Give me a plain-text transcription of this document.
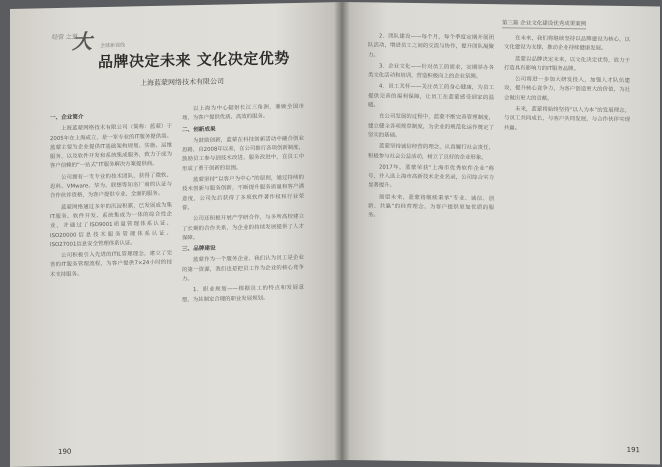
经营 之道
大 全球新视线
品牌决定未来 文化决定优势
上海蓝蒙网络技术有限公司
一、企业简介

上海蓝蒙网络技术有限公司（简称：蓝蒙）于2005年在上海成立，是一家专业的IT服务提供商。蓝蒙主要为企业提供IT基础架构规划、实施、运维服务，以及软件开发和系统集成服务，致力于成为客户信赖的“一站式”IT服务解决方案提供商。

公司拥有一支专业的技术团队，获得了微软、思科、VMware、华为、联想等知名厂商的认证与合作伙伴资格，为客户提供专业、全面的服务。

蓝蒙网络通过多年的沉淀积累，已发展成为集IT服务、软件开发、系统集成为一体的综合性企业，并通过了ISO9001质量管理体系认证、ISO20000信息技术服务管理体系认证、ISO27001信息安全管理体系认证。

公司积极引入先进的ITIL管理理念，建立了完善的IT服务管理流程，为客户提供7×24小时的技术支持服务。

以上海为中心辐射长江三角洲，兼顾全国市场，为客户提供优质、高效的服务。

二、创新成果

为鼓励创新，蓝蒙在科技创新活动中融合创业思路，自2008年以来，在公司推行各项创新制度，鼓励员工参与到技术改进、服务改进中，在员工中形成了勇于创新的氛围。

蓝蒙坚持“以客户为中心”的原则，通过持续的技术创新与服务创新，不断提升服务质量和客户满意度，公司先后获得了多项软件著作权和行业荣誉。

公司还积极开展产学研合作，与多所高校建立了长期的合作关系，为企业的持续发展提供了人才保障。

三、品牌建设

蓝蒙作为一个服务企业，我们认为员工是企业的第一资源，我们也是把员工作为企业的核心竞争力。

1．职业规划——根据员工的特点和发展意愿，为其制定合理的职业发展规划。

190
第三篇 企业文化建设优秀成果案例

2．团队建设——每个月，每个季度定期开展团队活动，增进员工之间的交流与协作，提升团队凝聚力。

3．企业文化——针对员工的需求，定期举办各类文化活动和培训，营造积极向上的企业氛围。

4．员工关怀——关注员工的身心健康，为员工提供完善的福利保障，让员工在蓝蒙感受到家的温暖。

在公司发展的过程中，蓝蒙不断完善管理制度，建立健全各项规章制度，为企业的规范化运作奠定了坚实的基础。

蓝蒙坚持诚信经营的理念，认真履行社会责任，积极参与社会公益活动，树立了良好的企业形象。

2017年，蓝蒙荣获“上海市优秀软件企业”称号，并入选上海市高新技术企业名录，公司综合实力显著提升。

展望未来，蓝蒙将继续秉承“专业、诚信、创新、共赢”的经营理念，为客户提供更加优质的服务。

在未来，我们将继续坚持以品牌建设为核心，以文化建设为支撑，推动企业持续健康发展。

蓝蒙以品牌决定未来，以文化决定优势，致力于打造具有影响力的IT服务品牌。

公司将进一步加大研发投入，加强人才队伍建设，提升核心竞争力，为客户创造更大的价值，为社会做出更大的贡献。

未来，蓝蒙将始终坚持“以人为本”的发展理念，与员工共同成长，与客户共同发展，与合作伙伴实现共赢。

191
